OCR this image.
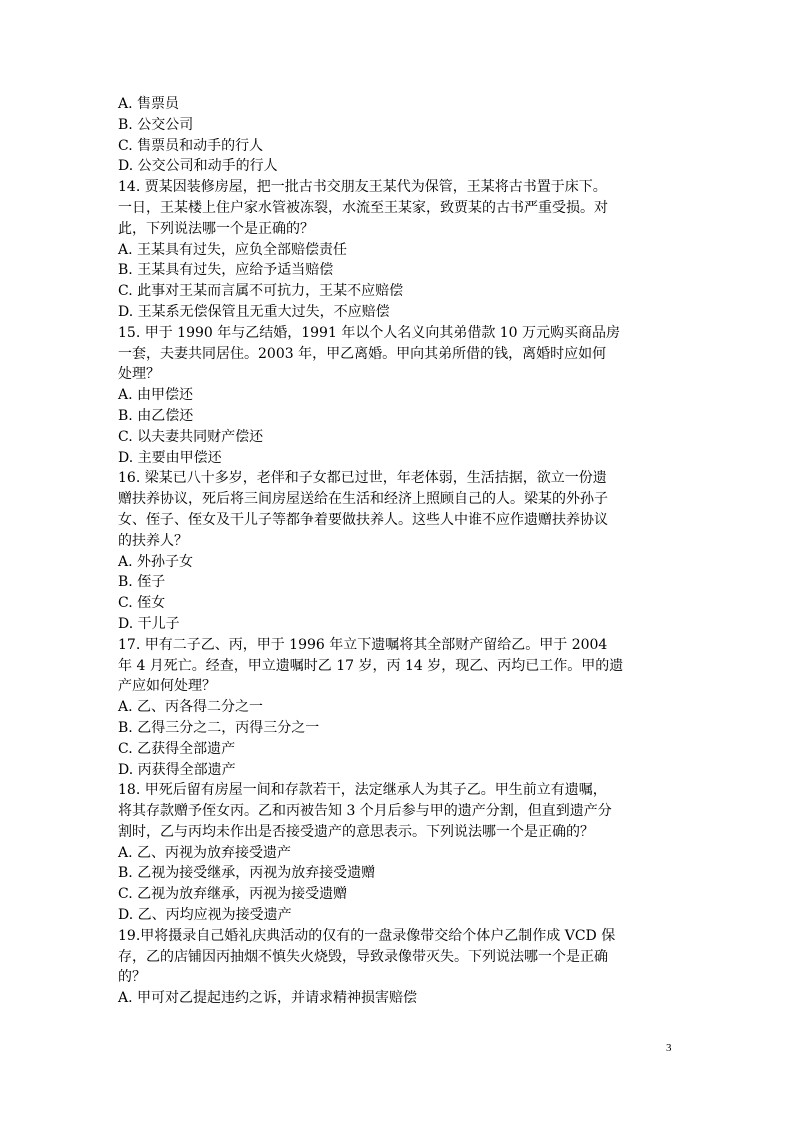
A. 售票员
B. 公交公司
C. 售票员和动手的行人
D. 公交公司和动手的行人
14. 贾某因装修房屋，把一批古书交朋友王某代为保管，王某将古书置于床下。
一日，王某楼上住户家水管被冻裂，水流至王某家，致贾某的古书严重受损。对
此，下列说法哪一个是正确的？
A. 王某具有过失，应负全部赔偿责任
B. 王某具有过失，应给予适当赔偿
C. 此事对王某而言属不可抗力，王某不应赔偿
D. 王某系无偿保管且无重大过失，不应赔偿
15. 甲于 1990 年与乙结婚，1991 年以个人名义向其弟借款 10 万元购买商品房
一套，夫妻共同居住。2003 年，甲乙离婚。甲向其弟所借的钱，离婚时应如何
处理？
A. 由甲偿还
B. 由乙偿还
C. 以夫妻共同财产偿还
D. 主要由甲偿还
16. 梁某已八十多岁，老伴和子女都已过世，年老体弱，生活拮据，欲立一份遗
赠扶养协议，死后将三间房屋送给在生活和经济上照顾自己的人。梁某的外孙子
女、侄子、侄女及干儿子等都争着要做扶养人。这些人中谁不应作遗赠扶养协议
的扶养人？
A. 外孙子女
B. 侄子
C. 侄女
D. 干儿子
17. 甲有二子乙、丙，甲于 1996 年立下遗嘱将其全部财产留给乙。甲于 2004
年 4 月死亡。经查，甲立遗嘱时乙 17 岁，丙 14 岁，现乙、丙均已工作。甲的遗
产应如何处理？
A. 乙、丙各得二分之一
B. 乙得三分之二，丙得三分之一
C. 乙获得全部遗产
D. 丙获得全部遗产
18. 甲死后留有房屋一间和存款若干，法定继承人为其子乙。甲生前立有遗嘱，
将其存款赠予侄女丙。乙和丙被告知 3 个月后参与甲的遗产分割，但直到遗产分
割时，乙与丙均未作出是否接受遗产的意思表示。下列说法哪一个是正确的？
A. 乙、丙视为放弃接受遗产
B. 乙视为接受继承，丙视为放弃接受遗赠
C. 乙视为放弃继承，丙视为接受遗赠
D. 乙、丙均应视为接受遗产
19.甲将摄录自己婚礼庆典活动的仅有的一盘录像带交给个体户乙制作成 VCD 保
存，乙的店铺因丙抽烟不慎失火烧毁，导致录像带灭失。下列说法哪一个是正确
的？
A. 甲可对乙提起违约之诉，并请求精神损害赔偿
3
